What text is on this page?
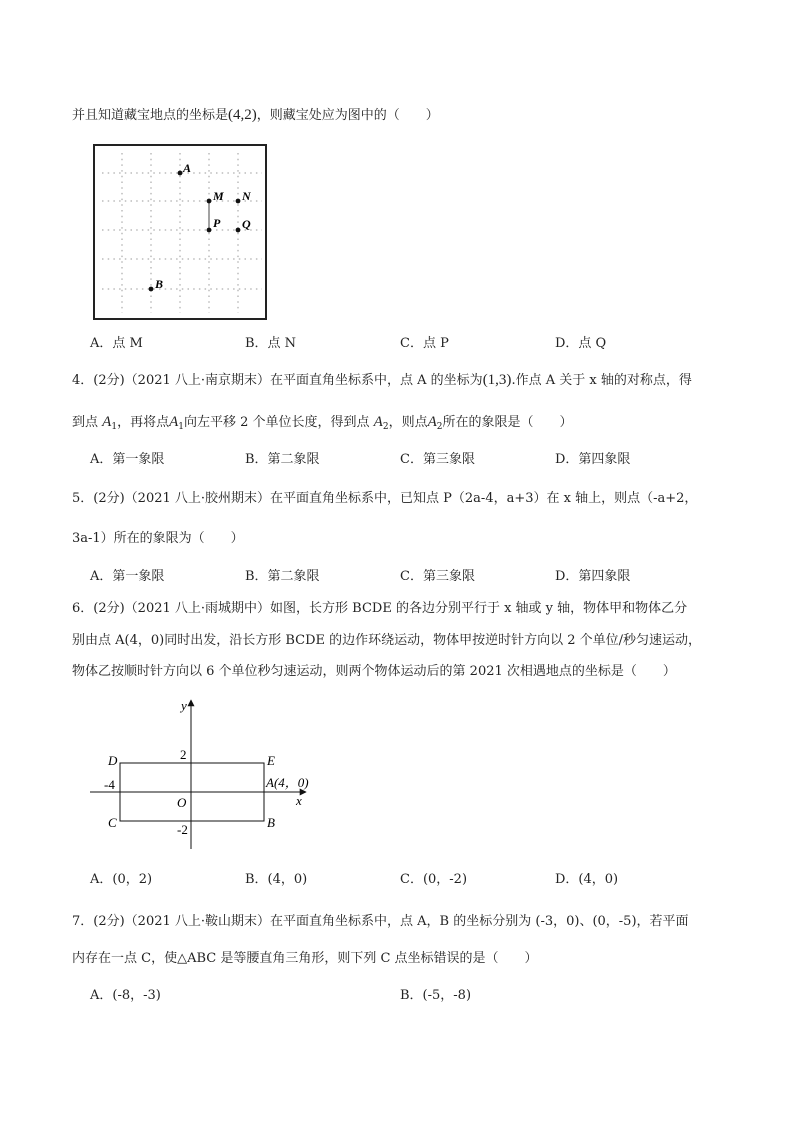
并且知道藏宝地点的坐标是(4,2)，则藏宝处应为图中的（　　）
A
M N
P Q
B
A．点 M	B．点 N	C．点 P	D．点 Q
4．(2分)（2021 八上·南京期末）在平面直角坐标系中，点 A 的坐标为(1,3).作点 A 关于 x 轴的对称点，得
到点 $A_1$，再将点$A_1$向左平移 2 个单位长度，得到点 $A_2$，则点$A_2$所在的象限是（　　）
A．第一象限	B．第二象限	C．第三象限	D．第四象限
5．(2分)（2021 八上·胶州期末）在平面直角坐标系中，已知点 P（2a-4，a+3）在 x 轴上，则点（-a+2，
3a-1）所在的象限为（　　）
A．第一象限	B．第二象限	C．第三象限	D．第四象限
6．(2分)（2021 八上·雨城期中）如图，长方形 BCDE 的各边分别平行于 x 轴或 y 轴，物体甲和物体乙分
别由点 A(4，0)同时出发，沿长方形 BCDE 的边作环绕运动，物体甲按逆时针方向以 2 个单位/秒匀速运动，
物体乙按顺时针方向以 6 个单位秒匀速运动，则两个物体运动后的第 2021 次相遇地点的坐标是（　　）
y
x
D	E
A(4，0)
O
C	B
2
-4
-2
A．(0，2)	B．(4，0)	C．(0，-2)	D．(4，0)
7．(2分)（2021 八上·鞍山期末）在平面直角坐标系中，点 A，B 的坐标分别为 (-3，0)、(0，-5)，若平面
内存在一点 C，使△ABC 是等腰直角三角形，则下列 C 点坐标错误的是（　　）
A．(-8，-3)	B．(-5，-8)
